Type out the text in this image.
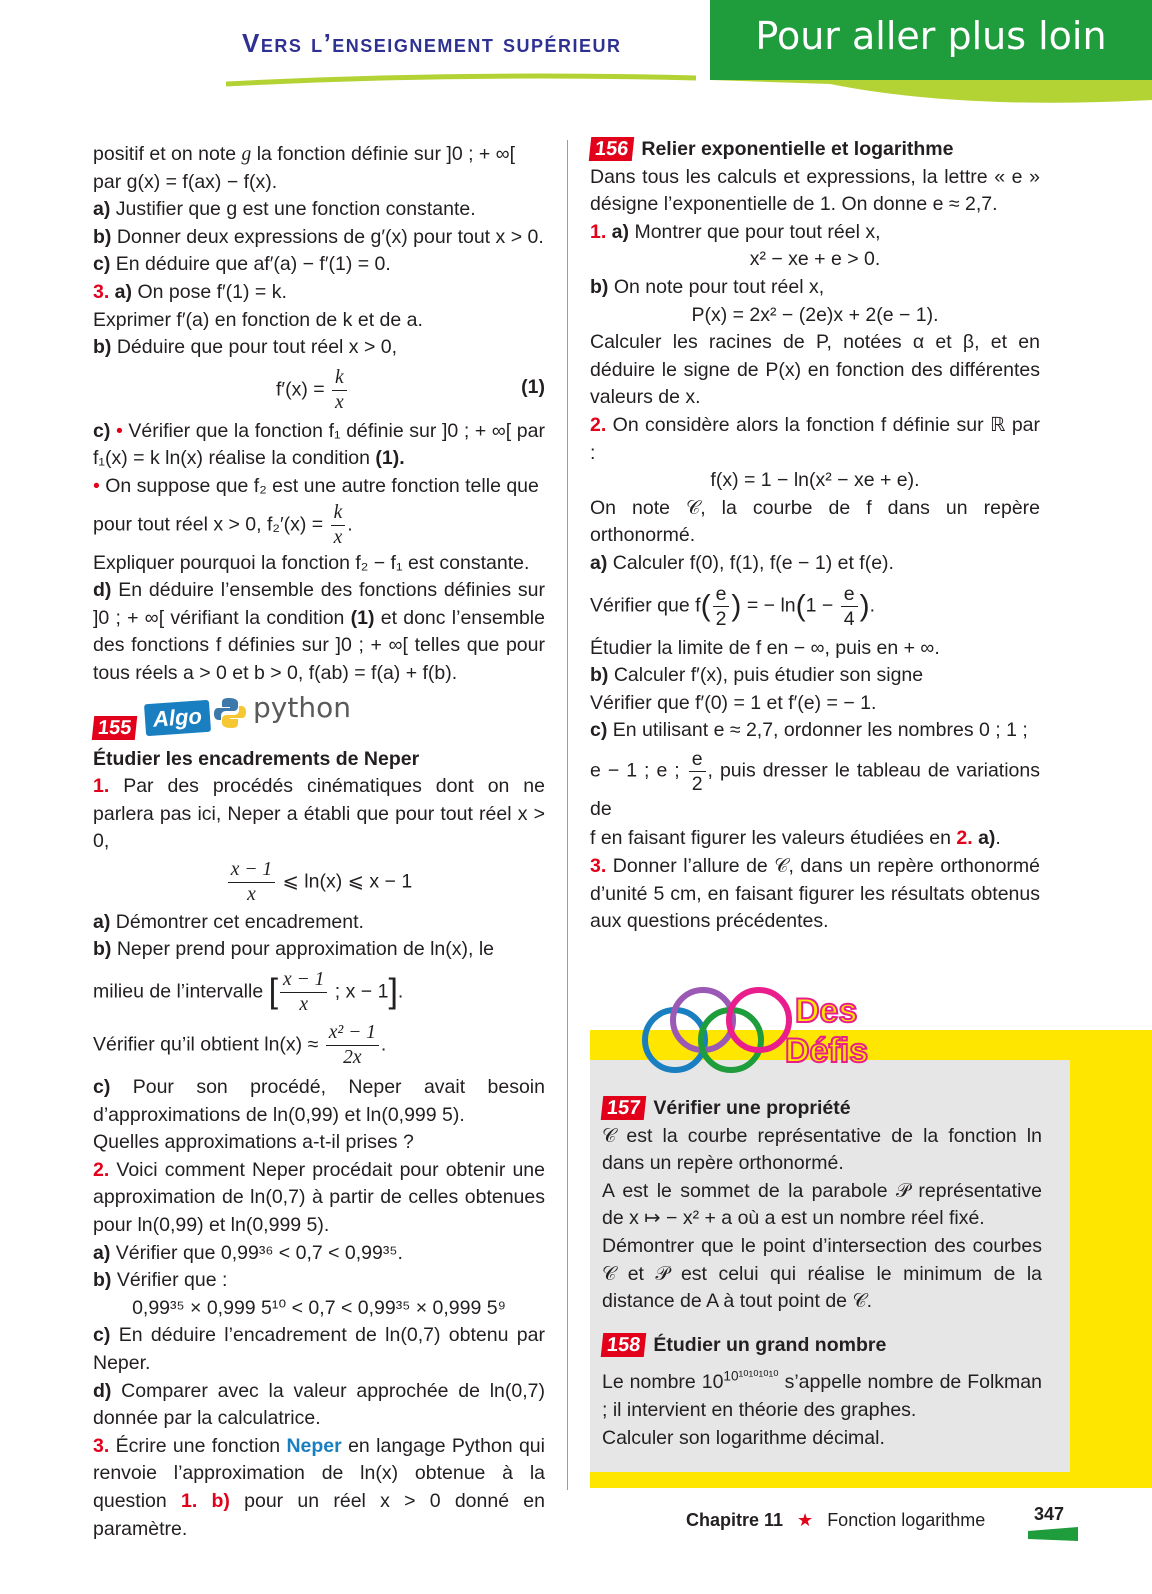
Vers l’enseignement supérieur	Pour aller plus loin

positif et on note g la fonction définie sur ]0 ; + ∞[

par g(x) = f(ax) − f(x).

a) Justifier que g est une fonction constante.

b) Donner deux expressions de g′(x) pour tout x > 0.

c) En déduire que af′(a) − f′(1) = 0.

3. a) On pose f′(1) = k.

Exprimer f′(a) en fonction de k et de a.

b) Déduire que pour tout réel x > 0,

$f'(x) = \frac{k}{x}$	(1)

c) • Vérifier que la fonction f₁ définie sur ]0 ; + ∞[ par f₁(x) = k ln(x) réalise la condition (1).

• On suppose que f₂ est une autre fonction telle que

pour tout réel x > 0, $f_2'(x) = \frac{k}{x}$ .

Expliquer pourquoi la fonction f₂ − f₁ est constante.

d) En déduire l’ensemble des fonctions définies sur ]0 ; + ∞[ vérifiant la condition (1) et donc l’ensemble des fonctions f définies sur ]0 ; + ∞[ telles que pour tous réels a > 0 et b > 0, f(ab) = f(a) + f(b).

155 Algo python

Étudier les encadrements de Neper

1. Par des procédés cinématiques dont on ne parlera pas ici, Neper a établi que pour tout réel x > 0,

$\frac{x - 1}{x}$ ⩽ ln(x) ⩽ x − 1

a) Démontrer cet encadrement.

b) Neper prend pour approximation de ln(x), le

milieu de l’intervalle [ $\frac{x - 1}{x}$ ; x − 1].

Vérifier qu’il obtient $\ln(x) \approx \frac{\text{x² − 1}}{2x}$ .

c) Pour son procédé, Neper avait besoin d’approximations de ln(0,99) et ln(0,999 5).

Quelles approximations a-t-il prises ?

2. Voici comment Neper procédait pour obtenir une approximation de ln(0,7) à partir de celles obtenues pour ln(0,99) et ln(0,999 5).

a) Vérifier que 0,99³⁶ < 0,7 < 0,99³⁵.

b) Vérifier que :

0,99³⁵ × 0,999 5¹⁰ < 0,7 < 0,99³⁵ × 0,999 5⁹

c) En déduire l’encadrement de ln(0,7) obtenu par Neper.

d) Comparer avec la valeur approchée de ln(0,7) donnée par la calculatrice.

3. Écrire une fonction Neper en langage Python qui renvoie l’approximation de ln(x) obtenue à la question 1. b) pour un réel x > 0 donné en paramètre.

156 Relier exponentielle et logarithme

Dans tous les calculs et expressions, la lettre « e » désigne l’exponentielle de 1. On donne e ≈ 2,7.

1. a) Montrer que pour tout réel x,

x² − xe + e > 0.

b) On note pour tout réel x,

P(x) = 2x² − (2e)x + 2(e − 1).

Calculer les racines de P, notées α et β, et en déduire le signe de P(x) en fonction des différentes valeurs de x.

2. On considère alors la fonction f définie sur ℝ par :

f(x) = 1 − ln(x² − xe + e).

On note 𝒞, la courbe de f dans un repère orthonormé.

a) Calculer f(0), f(1), f(e − 1) et f(e).

Vérifier que $f( \frac{e}{2}$ ) = − $\ln(1 - \frac{e}{4}$ ).

Étudier la limite de f en − ∞, puis en + ∞.

b) Calculer f′(x), puis étudier son signe

Vérifier que f′(0) = 1 et f′(e) = − 1.

c) En utilisant e ≈ 2,7, ordonner les nombres 0 ; 1 ;

e − 1 ; e ; $\frac{e}{2}$ , puis dresser le tableau de variations de

f en faisant figurer les valeurs étudiées en 2. a).

3. Donner l’allure de 𝒞, dans un repère orthonormé d’unité 5 cm, en faisant figurer les résultats obtenus aux questions précédentes.

Des
Défis

157 Vérifier une propriété

𝒞 est la courbe représentative de la fonction ln dans un repère orthonormé.

A est le sommet de la parabole 𝒫 représentative de x ↦ − x² + a où a est un nombre réel fixé.

Démontrer que le point d’intersection des courbes 𝒞 et 𝒫 est celui qui réalise le minimum de la distance de A à tout point de 𝒞.

158 Étudier un grand nombre

Le nombre $10^{10^{10101010}}$ s’appelle nombre de Folkman ; il intervient en théorie des graphes.

Calculer son logarithme décimal.

Chapitre 11 ★ Fonction logarithme	347
